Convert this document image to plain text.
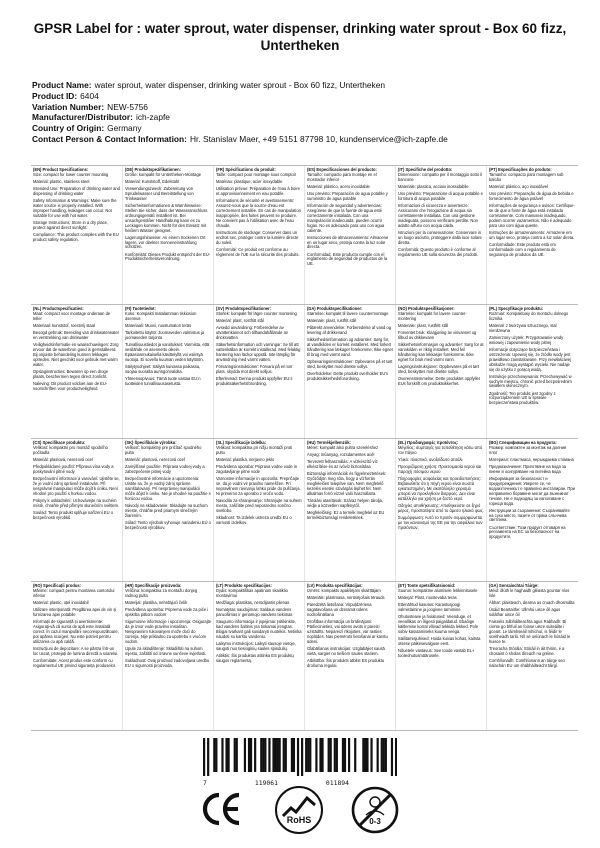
GPSR Label for : water sprout, water dispenser, drinking water sprout - Box 60 fizz, Untertheken
Product Name: water sprout, water dispenser, drinking water sprout - Box 60 fizz, Untertheken
Product ID: 6404
Variation Number: NEW-5756
Manufacturer/Distributor: ich-zapfe
Country of Origin: Germany
Contact Person & Contact Information: Hr. Stanislav Maer, +49 5151 87798 10, kundenservice@ich-zapfe.de
(EN) Product Specifications:

Size: compact for lower counter mounting

Material: plastic, stainless steel

Intended Use: Preparation of drinking water and dispensing of drinking water

Safety Information & Warnings: Make sure the water source is properly installed. With improper handling, leakages can occur. Not suitable for use with hot water.

Storage Instructions: Store in a dry place, protect against direct sunlight.

Compliance: This product complies with the EU product safety regulation.

(DE) Produktspezifikationen:

Größe: kompakt für Untertheken-Montage

Material: Kunststoff, Edelstahl

Verwendungszweck: Zubereitung von Sprudelwasser und Bereitstellung von Trinkwasser

Sicherheitsinformationen & Warnhinweise: Stellen Sie sicher, dass der Wasseranschluss ordnungsgemäß installiert ist. Bei unsachgemäßer Handhabung kann es zu Leckagen kommen. Nicht für den Einsatz mit heißem Wasser geeignet.

Lagerungshinweise: An einem trockenen Ort lagern, vor direkter Sonneneinstrahlung schützen.

Konformität: Dieses Produkt entspricht der EU-Produktsicherheitsverordnung.

(FR) Spécifications du produit:

Taille: compact pour montage sous comptoir

Matériau: plastique, acier inoxydable

Utilisation prévue: Préparation de l'eau à boire et approvisionnement en eau potable.

Informations de sécurité et avertissements: Assurez-vous que la source d'eau est correctement installée. En cas de manipulation inappropriée, des fuites peuvent se produire. Ne convient pas à l'utilisation avec de l'eau chaude.

Instructions de stockage: Conserver dans un endroit sec, protéger contre la lumière directe du soleil.

Conformité: Ce produit est conforme au règlement de l'UE sur la sécurité des produits.

(ES) Especificaciones del producto:

Tamaño: compacto para montaje en el mostrador inferior

Material: plástico, acero inoxidable

Uso previsto: Preparación de agua potable y suministro de agua potable

Información de seguridad y advertencias: Asegúrese de que la fuente de agua esté correctamente instalada. Con una manipulación inadecuada, pueden ocurrir fugas. No es adecuado para uso con agua caliente.

Instrucciones de almacenamiento: Almacene en un lugar seco, proteja contra la luz solar directa.

Conformidad: Este producto cumple con el reglamento de seguridad de productos de la UE.

(IT) Specifiche del prodotto:

Dimensione: compatto per il montaggio sotto il bancone

Materiale: plastica, acciaio inossidabile

Uso previsto: Preparazione di acqua potabile e fornitura di acqua potabile

Informazioni di sicurezza e avvertenze: Assicurarsi che l'erogazione di acqua sia correttamente installata. Con una gestione inadeguata, possono verificarsi perdite. Non adatto all'uso con acqua calda.

Istruzioni per la conservazione: Conservare in un luogo asciutto, proteggere dalla luce solare diretta.

Conformità: Questo prodotto è conforme al regolamento UE sulla sicurezza dei prodotti.

(PT) Especificações do produto:

Tamanho: compacto para montagem sob balcão

Material: plástico, aço inoxidável

Uso previsto: Preparação de água de bebida e fornecimento de água potável

Informações de segurança e avisos: Certifique-se de que a fonte de água está instalada corretamente. Com manuseio inadequado, podem ocorrer vazamentos. Não é adequado para uso com água quente.

Instruções de armazenamento: Armazene em um lugar seco, proteja contra a luz solar direta.

Conformidade: Este produto está em conformidade com o regulamento de segurança de produtos da UE.

(NL) Productspecificaties:

Maat: compact voor montage onderaan de teller

Materiaal: kunststof, roestvrij staal

Beoogd gebruik: Bereiding van drinkwaterwater en verstrekking van drinkwater

Veiligheidsinformatie en waarschuwingen: Zorg ervoor dat de waterbron goed is geïnstalleerd. Bij onjuiste behandeling kunnen lekkages optreden. Niet geschikt voor gebruik met warm water.

Opslaginstructies: Bewaren op een droge plaats, beschermen tegen direct zonlicht.

Naleving: Dit product voldoet aan de EU-voorschriften voor productveiligheid.

(FI) Tuotetiedot:

Koko: Kompakti matalamman tiskiosion asennus

Materiaali: Muovi, ruostumaton teräs

Tarkoitettu käyttö: Juomaveden valmistus ja juomaveden tarjonta

Turvallisuustiedot ja varoitukset: Varmista, että vesilähde on asennettu oikein. Epäasianmukaisella käsittelyllä voi esiintyä vuotoja. Ei sovellu kuuman veden käyttöön.

Säilytysohjeet: Säilytä kuivassa paikassa, suojaa suoralta auringonvalolta.

Yhteensopivuus: Tämä tuote vastaa EU:n tuotteiden turvallisuusasetusta.

(SV) Produktspecifikationer:

Storlek: kompakt för lägre counter montering

Material: plast, rostfritt stål

Avsedd användning: Förberedelse av utvattenkannot och tillhandahållande av dricksvatten

Säkerhetsinformation och varningar: Se till att vattenkällan är korrekt installerad. Med felaktig hantering kan läckor uppstå. Inte lämplig för användning med varmt vatten.

Förvaringsinstruktioner: Förvara på en torr plats, skydda mot direkt solljus.

Efterlevnad: Denna produkt uppfyller EU:s produktsäkerhetsförordning.

(DA) Produktspecifikationer:

Størrelse: kompakt til lavere countermontage

Materiale: plast, rustfrit stål

Påtænkt anvendelse: Forberedelse af vand og levering af drikkevand

Sikkerhedsinformation og advarsler: Sørg for, at vandkilden er korrekt installeret. Med forkert håndtering kan lækager forekomme. Ikke egnet til brug med varmt vand.

Opbevaringsinstruktioner: Opbevares på et tørt sted, beskyttet mod direkte sollys.

Overholdelse: Dette produkt overholder EU's produktsikkerhedsforordning.

(NO) Produktspesifikasjoner:

Størrelse: kompakt for lavere counter-montering

Materiale: plast, rustfritt stål

Forventet bruk: Klargjøring av vinvannet og tilbud av drikkevann

Sikkerhetsinformasjon og advarsler: Sørg for at vannkilden er riktig installert. Med feil håndtering kan lekkasjer forekomme. Ikke egnet for bruk med varmt vann.

Lagringsinstruksjoner: Oppbevares på et tørt sted, beskyttes mot direkte sollys.

Overensstemmelse: Dette produktet oppfyller EUs forskrift om produktsikkerhet.

(PL) Specyfikacje produktu:

Rozmiar: Kompaktowy do montażu dolnego licznika

Materiał: z tworzywa sztucznego, stal nierdzewna

Zamierzony użytek: Przygotowanie wody wniowej i zapewnienie wody pitnej

Informacje dotyczące bezpieczeństwa i ostrzeżenia: Upewnij się, że źródło wody jest prawidłowo zainstalowane. Przy niewłaściwej obsłudze mogą wystąpić wycieki. Nie nadaje się do użytku z gorącą wodą.

Instrukcje przechowywania: Przechowywać w suchym miejscu, chronić przed bezpośrednim światłem słonecznym.

Zgodność: Ten produkt jest zgodny z rozporządzeniem UE w sprawie bezpieczeństwa produktów.

(CS) Specifikace produktu:

Velikost: kompaktní pro montáž spodního počitadla

Materiál: plastová, nerezová ocel

Předpokládané použití: Příprava vína vody a poskytování pitné vody

Bezpečnostní informace a varování: Ujistěte se, že je vodní zdroj správně instalován. Při nesprávné manipulaci může dojít k úniku. Není vhodné pro použití s horkou vodou.

Pokyny k uskladnění: Uchovávejte na suchém místě, chraňte před přímým slunečním světlem.

Soulad: Tento produkt splňuje nařízení EU o bezpečnosti výrobků.

(SK) Špecifikácie výrobku:

Veľkosť: kompaktný pre pričítač spodného pulta

Materiál: plastová, nerezová oceľ

Zamýšľané použitie: Príprava vodnej vody a zabezpečenie pitnej vody

Bezpečnostné informácie a upozornenia: Uistite sa, že je vodný zdroj správne nainštalovaný. Pri nesprávnej manipulácii môže dôjsť k úniku. Nie je vhodné na použitie s horúcou vodou.

Návody na skladovanie: Skladujte na suchom mieste, chráňte pred priamym slnečným žiarením.

Súlad: Tento výrobok vyhovuje nariadeniu EÚ o bezpečnosti výrobkov.

(SL) Specifikacije izdelka:

Velikost: kompaktna pri nižju montaži proti pultu

Material: plastika, nerjavno jeklo

Predvidena uporaba: Priprava vodne vode in zagotavljanje pitne vode

Varnostne informacije in opozorila: Prepričajte se, da je vodni vir pravilno nameščen. Pri nepravilnem ravnanju lahko pride do puščanja. Ni primerno za uporabo z vročo vodo.

Navodila za shranjevanje: Shranjujte na suhem mestu, zaščitite pred neposredno sončno svetlobo.

Skladnost: Ta izdelek ustreza uredbi EU o varnosti izdelkov.

(HU) Termékjellemzők:

Méret: kompakt alsó pultra szereléshez

Anyag: műanyag, rozsdamentes acél

Tervezett felhasználás: A vízkészítő víz elkészítése és az ivóvíz biztosítása

Biztonsági információk és figyelmeztetések: Győződjön meg róla, hogy a vízforrás megfelelően telepítve van. Nem megfelelő kezelés esetén szivárgás léphet fel. Nem alkalmas forró vízzel való használatra.

Tárolási utasítások: Száraz helyen tárolja, védje a közvetlen napfénytől.

Megfelelőség: Ez a termék megfelel az EU termékbiztonsági rendeletének.

(EL) Προδιαγραφές προϊόντος:

Μέγεθος: συμπαγές για τοποθέτηση κάτω από τον πάγκο

Υλικό: πλαστικό, ανοξείδωτο ατσάλι

Προοριζόμενη χρήση: Προετοιμασία νερού και παροχή πόσιμου νερού

Πληροφορίες ασφαλείας και προειδοποιήσεις: Βεβαιωθείτε ότι η πηγή νερού είναι σωστά εγκατεστημένη. Με ακατάλληλο χειρισμό μπορεί να προκληθούν διαρροές. Δεν είναι κατάλληλο για χρήση με ζεστό νερό.

Οδηγίες αποθήκευσης: Αποθηκεύστε σε ξηρό μέρος, προστατέψτε από το άμεσο ηλιακό φως.

Συμμόρφωση: Αυτό το προϊόν συμμορφώνεται με τον κανονισμό της ΕΕ για την ασφάλεια των προϊόντων.

(BG) Спецификации на продукта:

Размер: компактен за монтаж на долния плот

Материал: пластмаса, неръждаема стомана

Предназначение: Приготвяне на вода за пиене и осигуряване на питейна вода

Информация за безопасност и предупреждения: Уверете се, че водоизточникът е правилно инсталиран. При неправилно боравене могат да възникнат течове. Не е подходящ за използване с гореща вода.

Инструкции за съхранение: Съхранявайте на сухо място, пазете от пряка слънчева светлина.

Съответствие: Този продукт отговаря на регламента на ЕС за безопасност на продуктите.

(RO) Specificații produs:

Mărime: compact pentru montarea contorului inferior

Material: plastic, oțel inoxidabil

Utilizare intenționată: Pregătirea apei de vin și furnizarea apei potabile

Informații de siguranță și avertismente: Asigurați-vă că sursa de apă este instalată corect. În cazul manipulării necorespunzătoare, pot apărea scurgeri. Nu este potrivit pentru utilizarea cu apă caldă.

Instrucțiuni de depozitare: A se păstra într-un loc uscat, protejați de lumina directă a soarelui.

Conformitate: Acest produs este conform cu regulamentul UE privind siguranța produselor.

(HR) Specifikacije proizvoda:

Veličina: kompaktna za montažu donjeg radnog pulta

Materijal: plastika, nehrđajući čelik

Predviđena upotreba: Priprema vode za piće i opskrba pitkom vodom

Sigurnosne informacije i upozorenja: Osigurajte da je izvor vode pravilno instaliran. Neispravnim rukovanjem može doći do curenja. Nije prikladno za upotrebu s vrućom vodom.

Upute za skladištenje: Skladištiti na suhom mjestu, zaštititi od izravne sunčeve svjetlosti.

Sukladnost: Ovaj proizvod zadovoljava uredbu EU o sigurnosti proizvoda.

(LT) Produkto specifikacijos:

Dydis: kompaktiškas apatinam skaitiklio montavimui

Medžiaga: plastikas, nerūdijantis plienas

Numatytas naudojimas: Saldaus vandens paruošimas ir geriamojo vandens tiekimas

Saugumo informacija ir įspėjimai: Įsitikinkite, kad vandens šaltinis yra tinkamai įrengtas. Blogai tvarkant gali susidaryti nuotėkis. Netinka naudoti su karštu vandeniu.

Laikymo instrukcijos: Laikyti sausoje vietoje, saugoti nuo tiesioginių saulės spindulių.

Atitiktis: Šis produktas atitinka ES produktų saugos reglamentą.

(LV) Produkta specifikācijas:

Izmērs: kompakts apakšējam skaitītājam

Materiāls: plastmasa, nerūsējošais tērauds

Paredzētā lietošana: Virpuļdzēriena sagatavošana un dzeramā ūdens nodrošināšana

Drošības informācija un brīdinājumi: Pārliecinieties, vai ūdens avots ir pareizi uzstādīts. Nepareizi rīkojoties, var rasties noplūdes. Nav piemērots lietošanai ar karstu ūdeni.

Glabāšanas instrukcijas: Uzglabājiet sausā vietā, sargiet no tiešiem saules stariem.

Atbilstība: Šis produkts atbilst ES produktu drošuma regulai.

(ET) Toote spetsifikatsioonid:

Suurus: kompaktne alumisele letikinnitusele

Materjal: Plast, roostevaba teras

Ettenähtud kasutus: Karastusjoogi valmistamine ja joogivee tarnimine

Ohutusteave ja hoiatused: Veenduge, et veeallikas on õigesti paigaldatud. Ebaõige käitlemise korral võivad tekkida lekked. Pole sobiv kasutamiseks kuuma veega.

Säilitamisjuhised: Hoida kuivas kohas, kaitsta otsese päikesevalguse eest.

Nõuetele vastavus: See toode vastab EL-i tooteohutusmäärusele.

(GA) Sonraíochtaí Táirge:

Méid: dlúth le haghaidh gléasta gcuntar níos ísle

Ábhar: plaisteach, dearna as cruach dhosmálta

Úsáid Beartaithe: Ullmhú uisce óil agus soláthar uisce óil

Faisnéis Sábháilteachta agus Rabhadh: Bí cinnte go bhfuil an foinse uisce suiteáilte i gceart. Le láimhseáil mhíchuí, is féidir le sceitheadh tarlú. Níl sé oiriúnach le húsáid le huisce te.

Treoracha Stórála: Stóráil in áit thirim, é a chosaint ó sholas díreach na gréine.

Comhlíonadh: Comhlíonann an táirge seo rialachán EU um shábháilteacht táirgí.

7	119061	011894
RoHS	0-3
